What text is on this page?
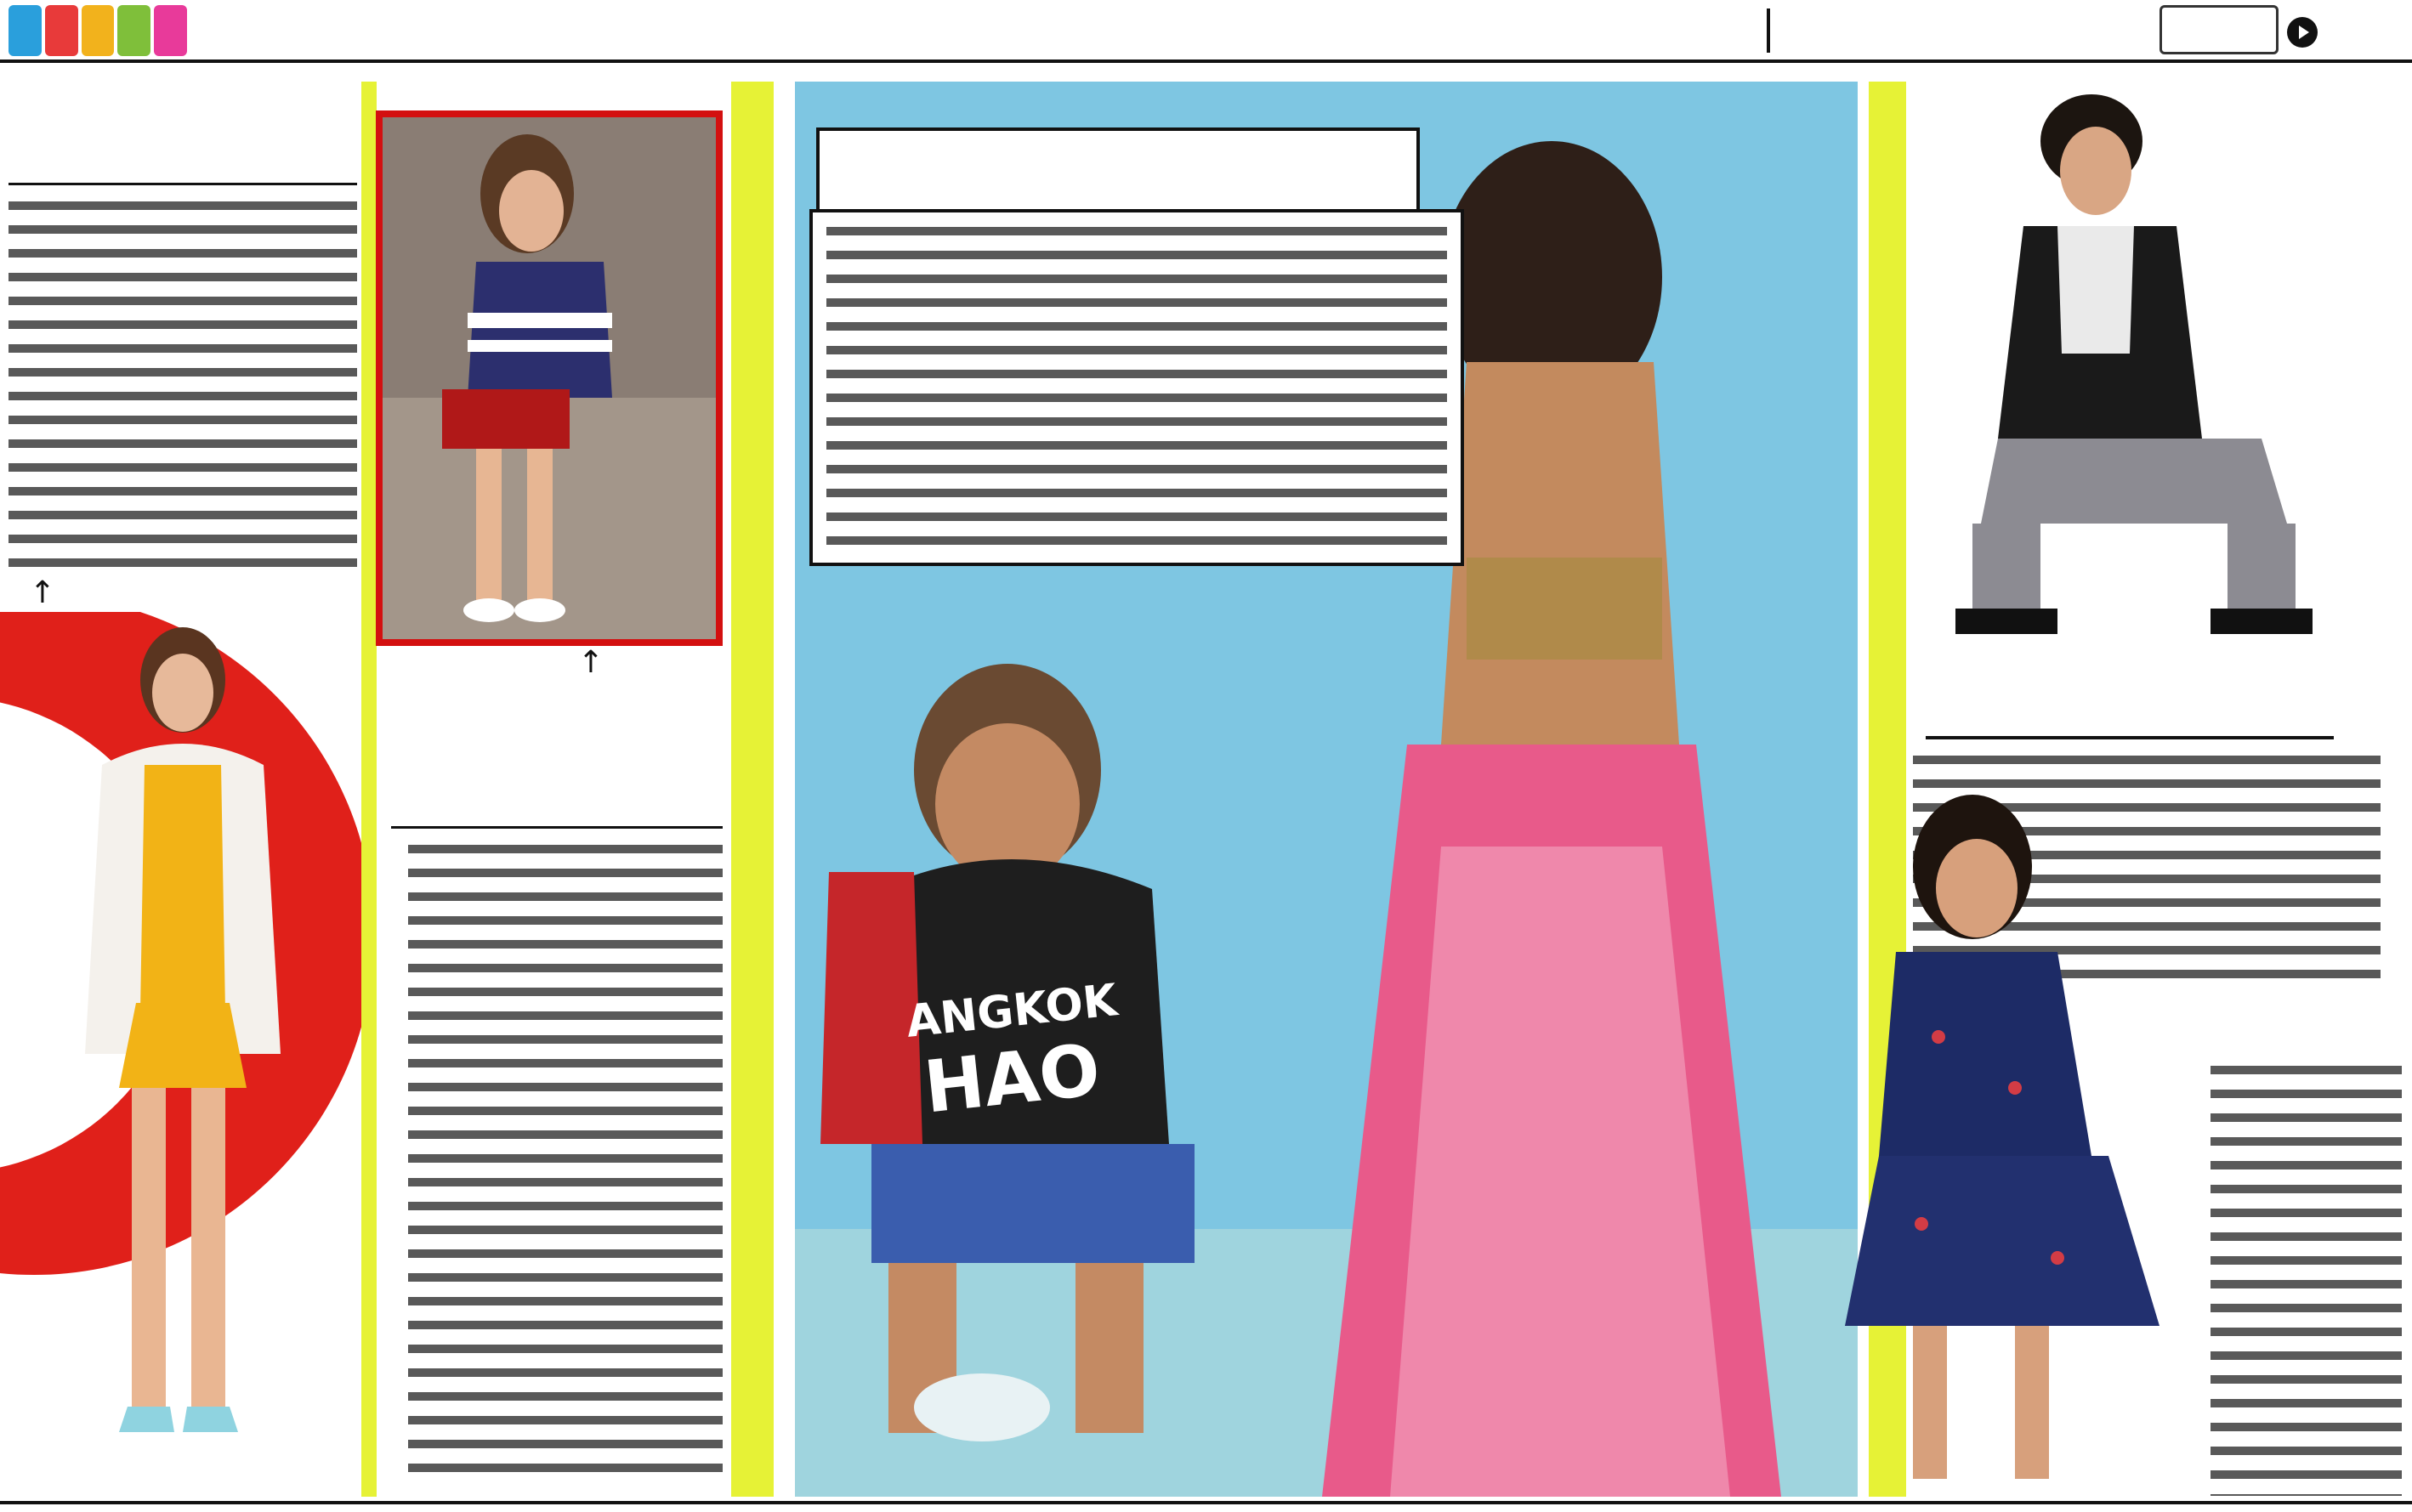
↑
↑
ANGKOK
HAO
